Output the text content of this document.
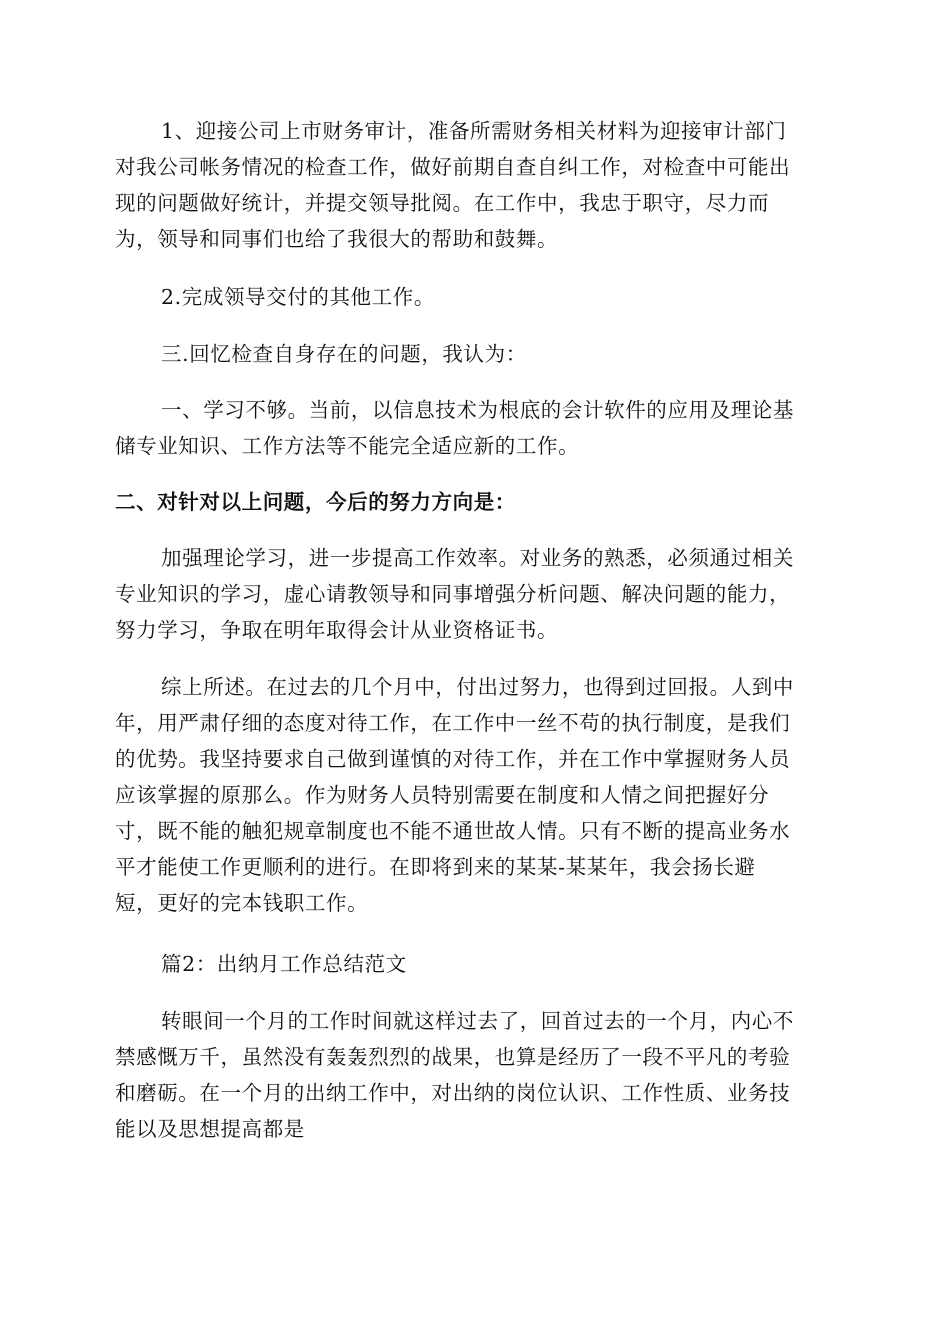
1、迎接公司上市财务审计，准备所需财务相关材料为迎接审计部门
对我公司帐务情况的检查工作，做好前期自查自纠工作，对检查中可能出
现的问题做好统计，并提交领导批阅。在工作中，我忠于职守，尽力而
为，领导和同事们也给了我很大的帮助和鼓舞。

2.完成领导交付的其他工作。

三.回忆检查自身存在的问题，我认为：

一、学习不够。当前，以信息技术为根底的会计软件的应用及理论基
储专业知识、工作方法等不能完全适应新的工作。

二、对针对以上问题，今后的努力方向是：

加强理论学习，进一步提高工作效率。对业务的熟悉，必须通过相关
专业知识的学习，虚心请教领导和同事增强分析问题、解决问题的能力，
努力学习，争取在明年取得会计从业资格证书。

综上所述。在过去的几个月中，付出过努力，也得到过回报。人到中
年，用严肃仔细的态度对待工作，在工作中一丝不苟的执行制度，是我们
的优势。我坚持要求自己做到谨慎的对待工作，并在工作中掌握财务人员
应该掌握的原那么。作为财务人员特别需要在制度和人情之间把握好分
寸，既不能的触犯规章制度也不能不通世故人情。只有不断的提高业务水
平才能使工作更顺利的进行。在即将到来的某某-某某年，我会扬长避
短，更好的完本钱职工作。

篇2：出纳月工作总结范文

转眼间一个月的工作时间就这样过去了，回首过去的一个月，内心不
禁感慨万千，虽然没有轰轰烈烈的战果，也算是经历了一段不平凡的考验
和磨砺。在一个月的出纳工作中，对出纳的岗位认识、工作性质、业务技
能以及思想提高都是
